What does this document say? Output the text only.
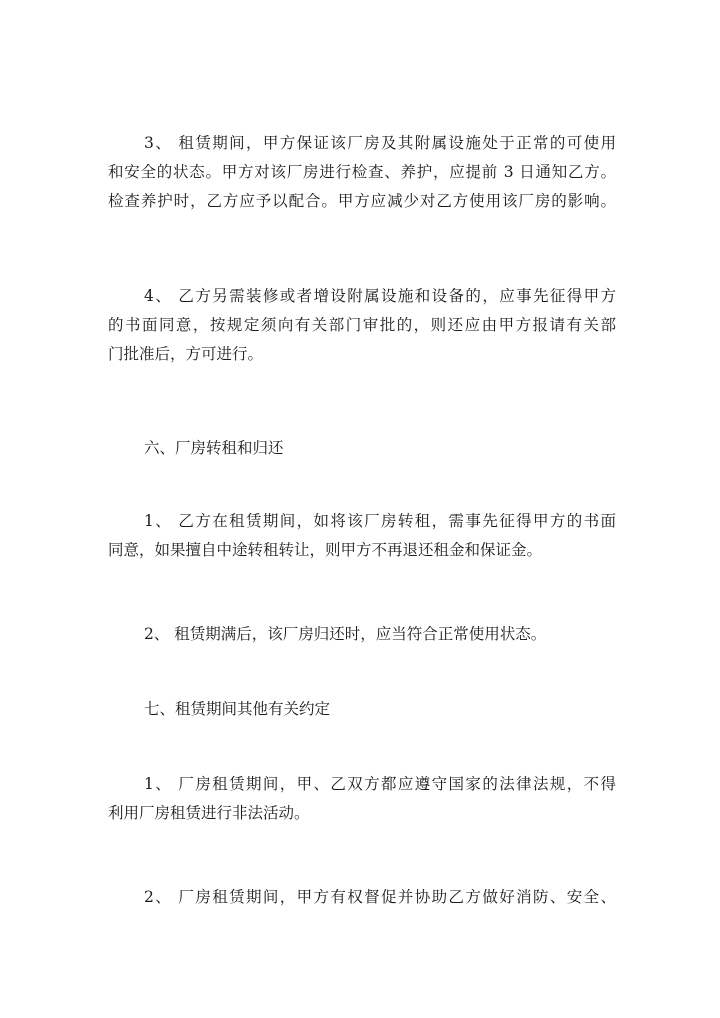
3、 租赁期间，甲方保证该厂房及其附属设施处于正常的可使用
和安全的状态。甲方对该厂房进行检查、养护，应提前 3 日通知乙方。
检查养护时，乙方应予以配合。甲方应减少对乙方使用该厂房的影响。
4、 乙方另需装修或者增设附属设施和设备的，应事先征得甲方
的书面同意，按规定须向有关部门审批的，则还应由甲方报请有关部
门批准后，方可进行。
六、厂房转租和归还
1、 乙方在租赁期间，如将该厂房转租，需事先征得甲方的书面
同意，如果擅自中途转租转让，则甲方不再退还租金和保证金。
2、 租赁期满后，该厂房归还时，应当符合正常使用状态。
七、租赁期间其他有关约定
1、 厂房租赁期间，甲、乙双方都应遵守国家的法律法规，不得
利用厂房租赁进行非法活动。
2、 厂房租赁期间，甲方有权督促并协助乙方做好消防、安全、
